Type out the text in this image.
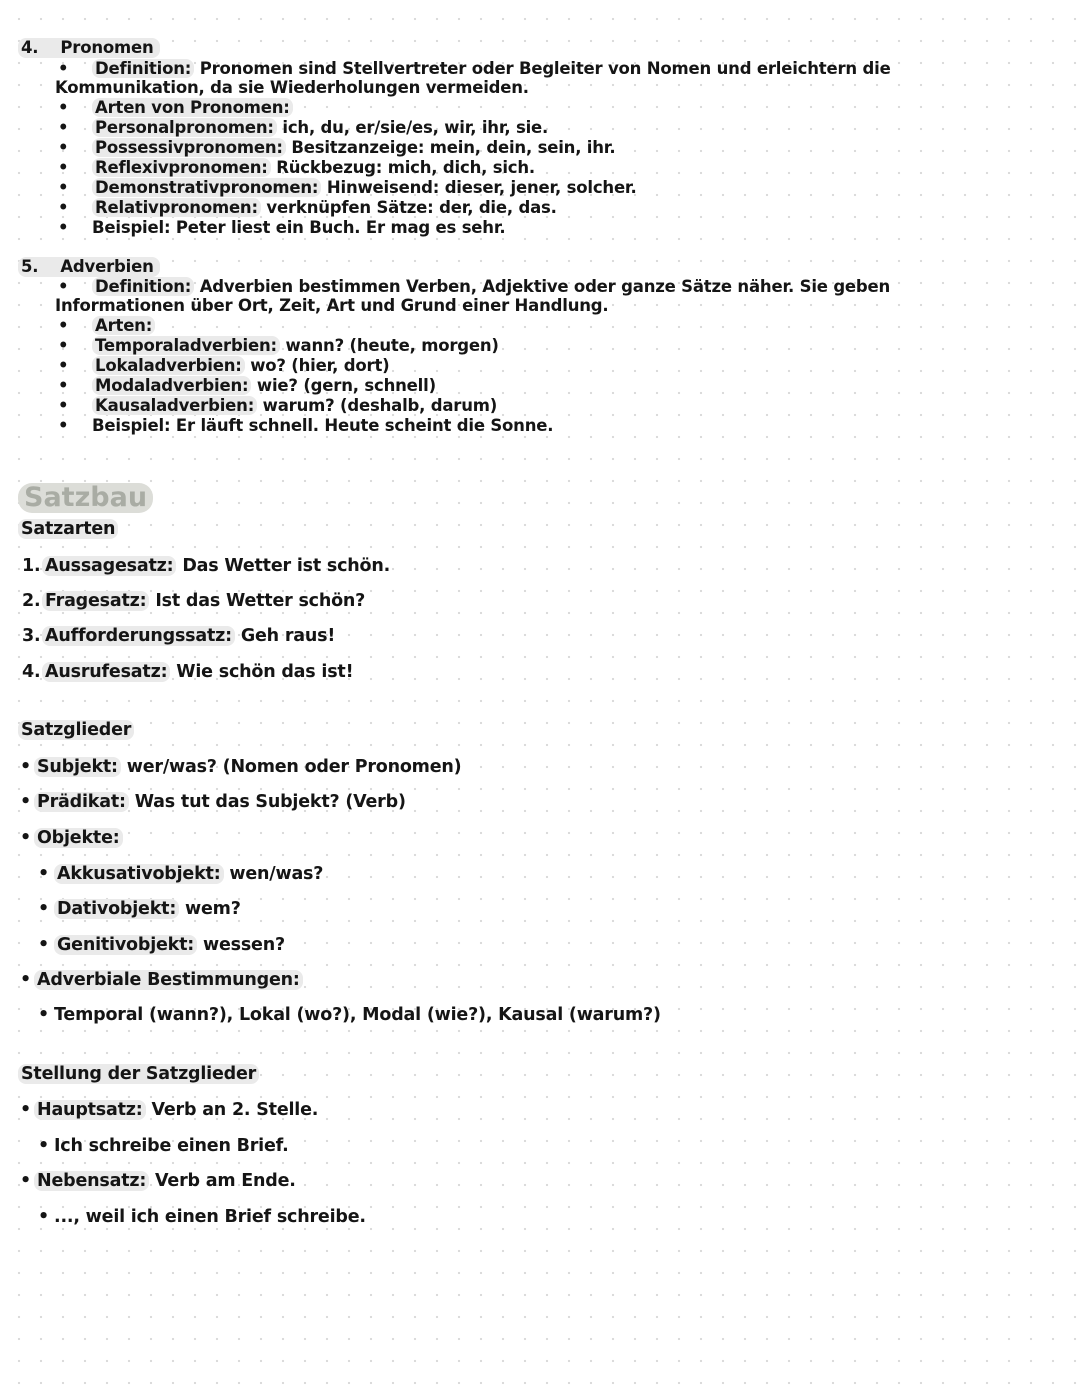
Satzbau
4. Pronomen
• Definition: Pronomen sind Stellvertreter oder Begleiter von Nomen und erleichtern die
Kommunikation, da sie Wiederholungen vermeiden.
• Arten von Pronomen:
• Personalpronomen: ich, du, er/sie/es, wir, ihr, sie.
• Possessivpronomen: Besitzanzeige: mein, dein, sein, ihr.
• Reflexivpronomen: Rückbezug: mich, dich, sich.
• Demonstrativpronomen: Hinweisend: dieser, jener, solcher.
• Relativpronomen: verknüpfen Sätze: der, die, das.
• Beispiel: Peter liest ein Buch. Er mag es sehr.
5. Adverbien
• Definition: Adverbien bestimmen Verben, Adjektive oder ganze Sätze näher. Sie geben
Informationen über Ort, Zeit, Art und Grund einer Handlung.
• Arten:
• Temporaladverbien: wann? (heute, morgen)
• Lokaladverbien: wo? (hier, dort)
• Modaladverbien: wie? (gern, schnell)
• Kausaladverbien: warum? (deshalb, darum)
• Beispiel: Er läuft schnell. Heute scheint die Sonne.
Satzarten
1. Aussagesatz: Das Wetter ist schön.
2. Fragesatz: Ist das Wetter schön?
3. Aufforderungssatz: Geh raus!
4. Ausrufesatz: Wie schön das ist!
Satzglieder
• Subjekt: wer/was? (Nomen oder Pronomen)
• Prädikat: Was tut das Subjekt? (Verb)
• Objekte:
• Akkusativobjekt: wen/was?
• Dativobjekt: wem?
• Genitivobjekt: wessen?
• Adverbiale Bestimmungen:
• Temporal (wann?), Lokal (wo?), Modal (wie?), Kausal (warum?)
Stellung der Satzglieder
• Hauptsatz: Verb an 2. Stelle.
• Ich schreibe einen Brief.
• Nebensatz: Verb am Ende.
• ..., weil ich einen Brief schreibe.
